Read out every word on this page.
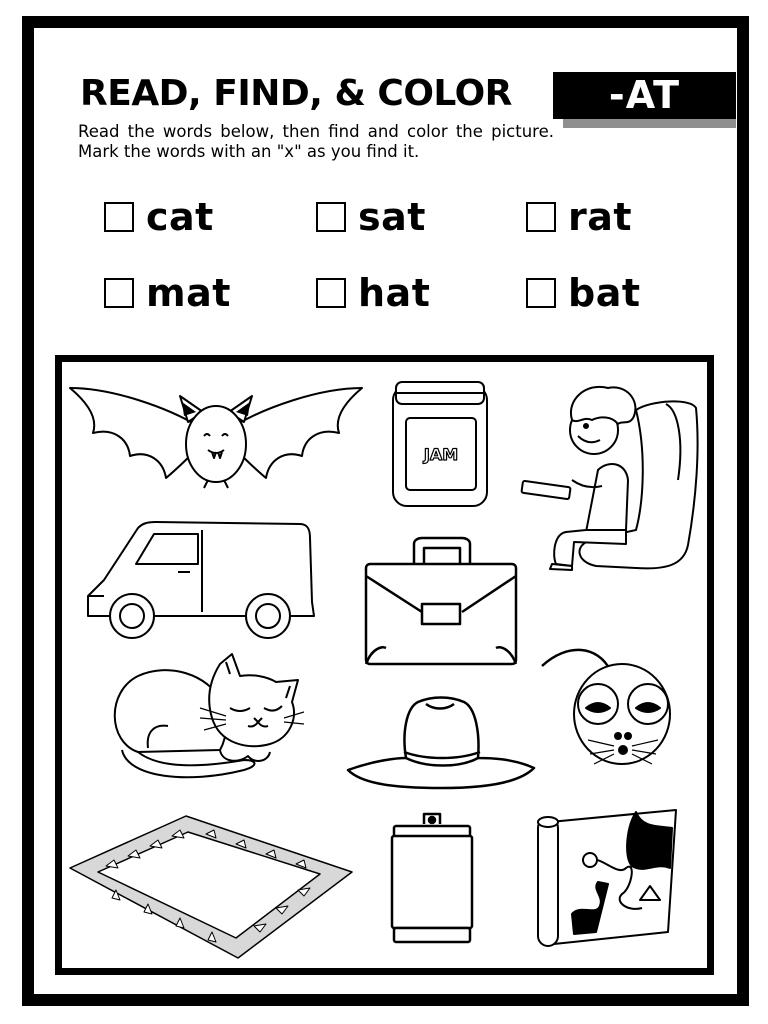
READ, FIND, & COLOR	-AT

Read the words below, then find and color the picture. Mark the words with an "x" as you find it.

cat	sat	rat
mat	hat	bat
JAM
